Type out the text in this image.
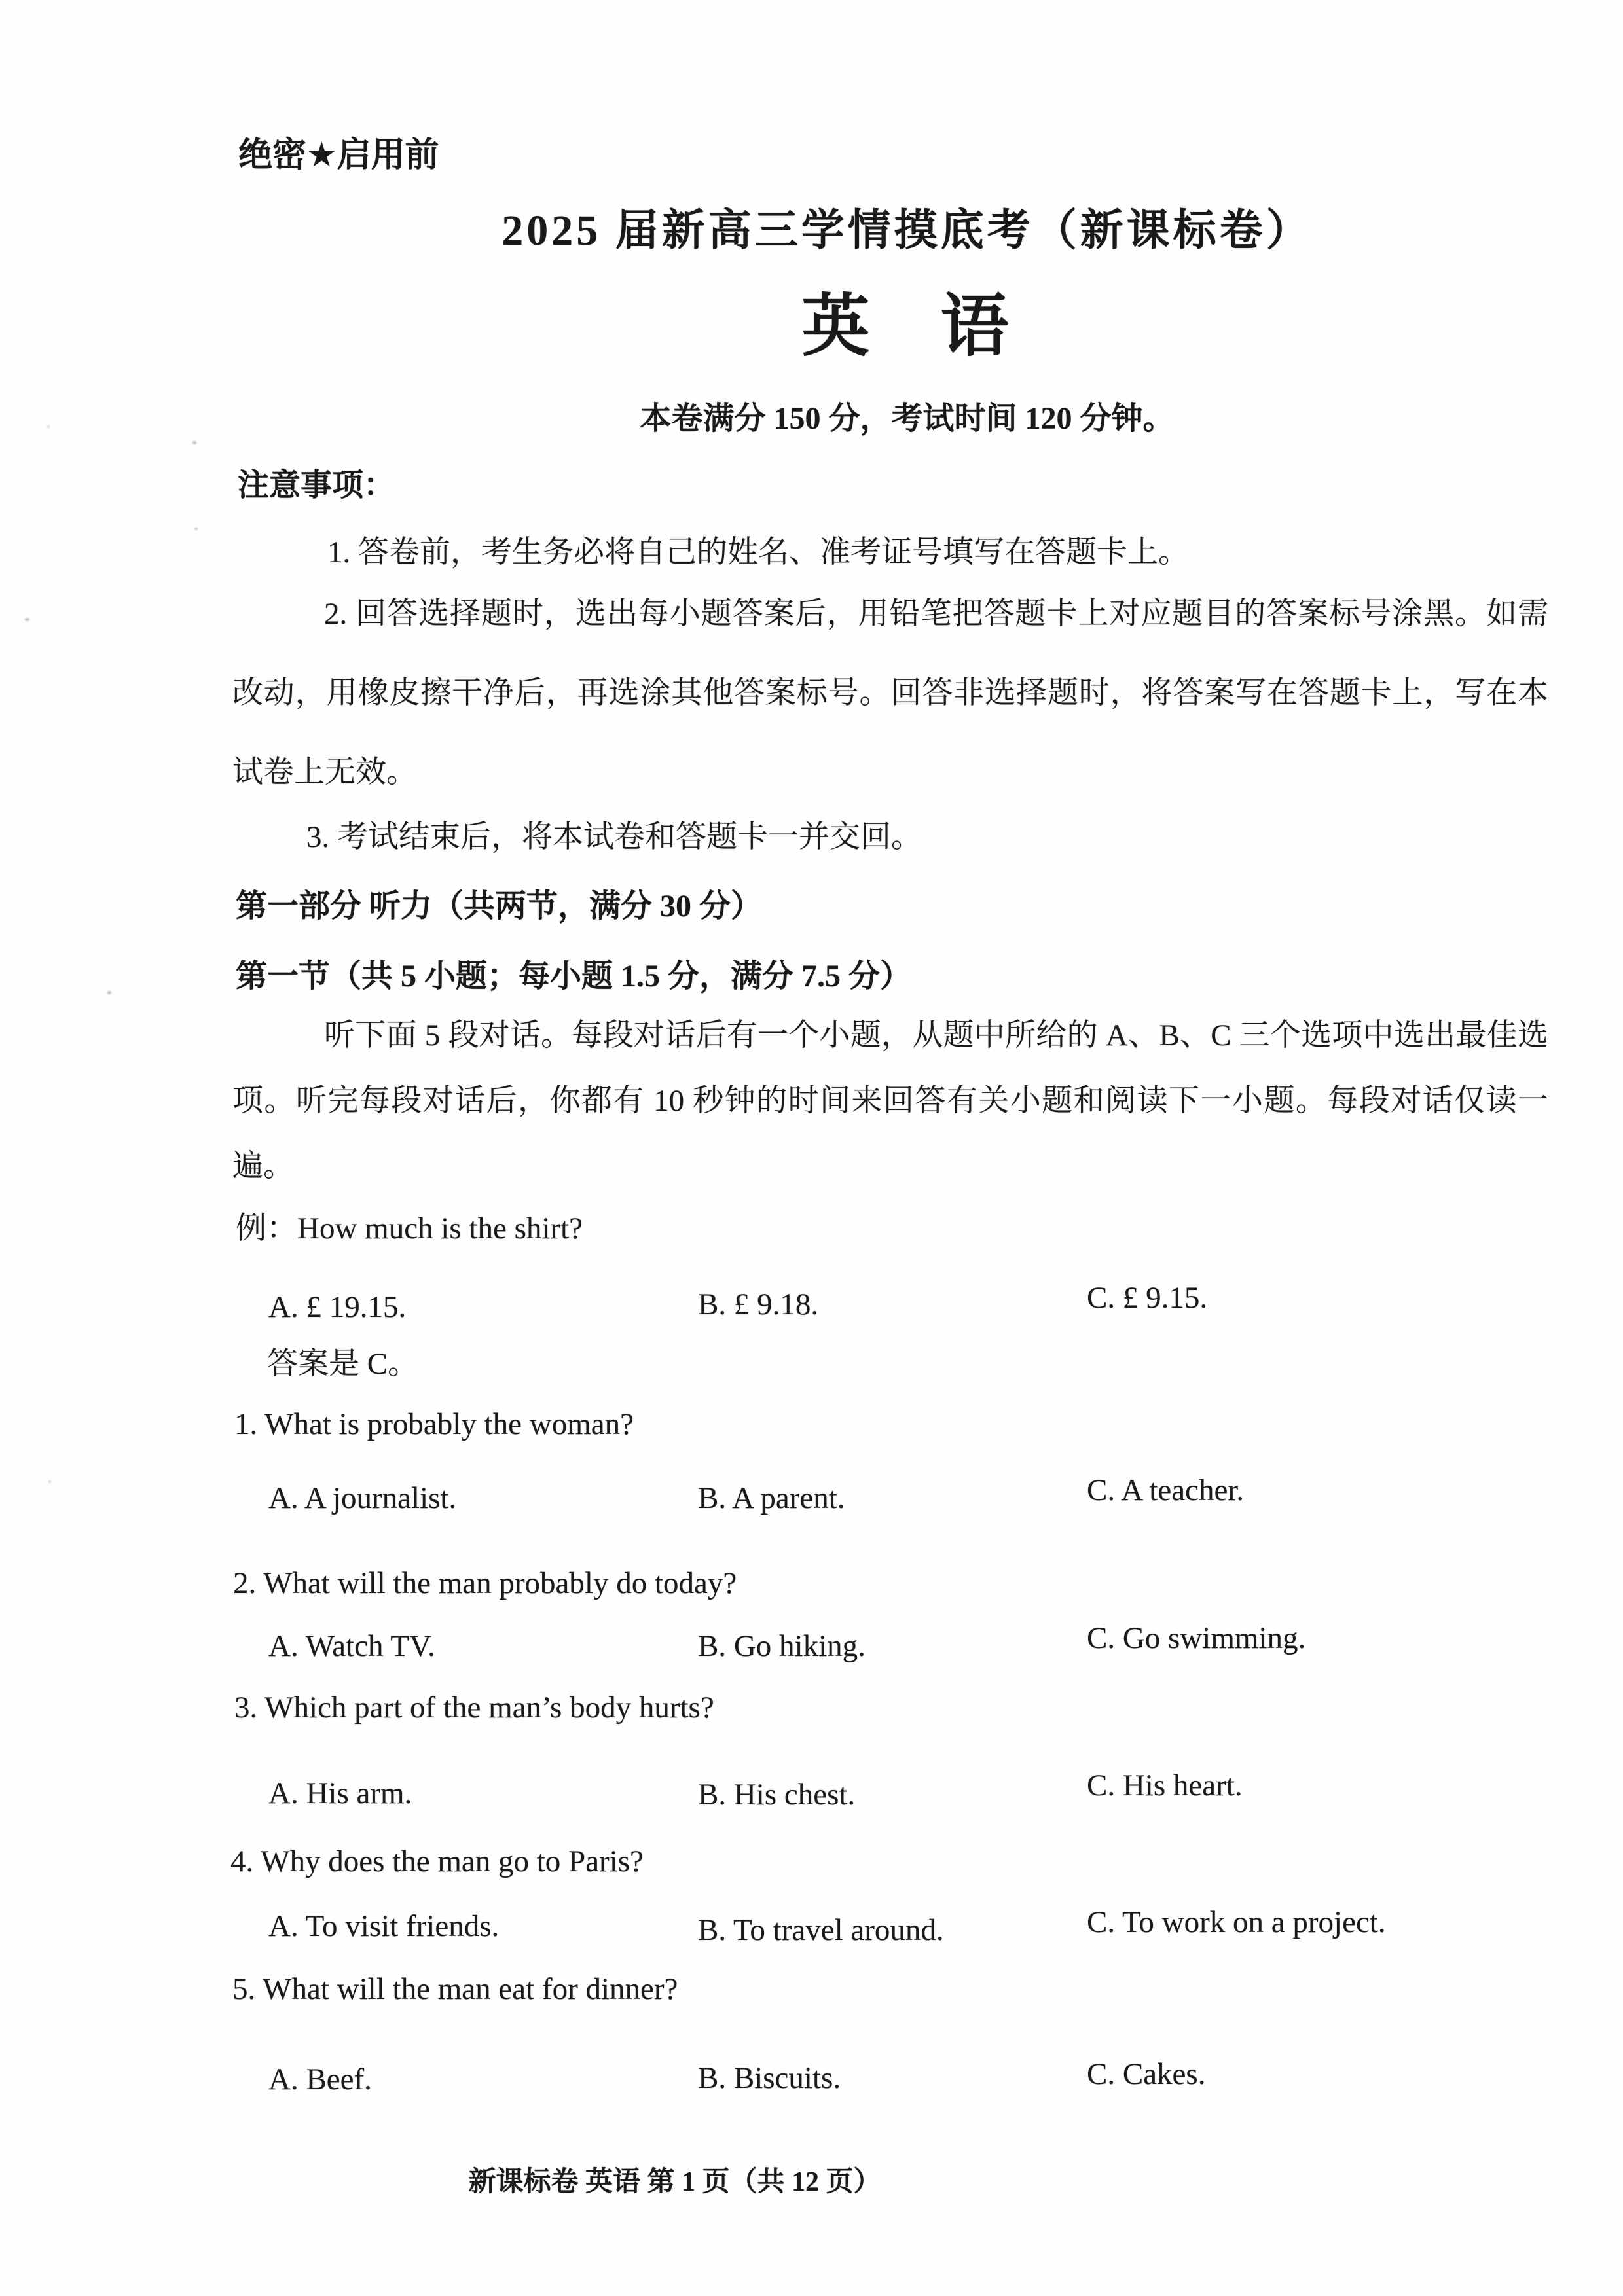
绝密★启用前
2025 届新高三学情摸底考（新课标卷）
英 语
本卷满分 150 分，考试时间 120 分钟。
注意事项：
1. 答卷前，考生务必将自己的姓名、准考证号填写在答题卡上。
2. 回答选择题时，选出每小题答案后，用铅笔把答题卡上对应题目的答案标号涂黑。如需改动，用橡皮擦干净后，再选涂其他答案标号。回答非选择题时，将答案写在答题卡上，写在本试卷上无效。
3. 考试结束后，将本试卷和答题卡一并交回。
第一部分 听力（共两节，满分 30 分）
第一节（共 5 小题；每小题 1.5 分，满分 7.5 分）
听下面 5 段对话。每段对话后有一个小题，从题中所给的 A、B、C 三个选项中选出最佳选项。听完每段对话后，你都有 10 秒钟的时间来回答有关小题和阅读下一小题。每段对话仅读一遍。
例：How much is the shirt?
A. £ 19.15.	B. £ 9.18.	C. £ 9.15.
答案是 C。
1. What is probably the woman?
A. A journalist.	B. A parent.	C. A teacher.
2. What will the man probably do today?
A. Watch TV.	B. Go hiking.	C. Go swimming.
3. Which part of the man’s body hurts?
A. His arm.	B. His chest.	C. His heart.
4. Why does the man go to Paris?
A. To visit friends.	B. To travel around.	C. To work on a project.
5. What will the man eat for dinner?
A. Beef.	B. Biscuits.	C. Cakes.
新课标卷 英语 第 1 页（共 12 页）
